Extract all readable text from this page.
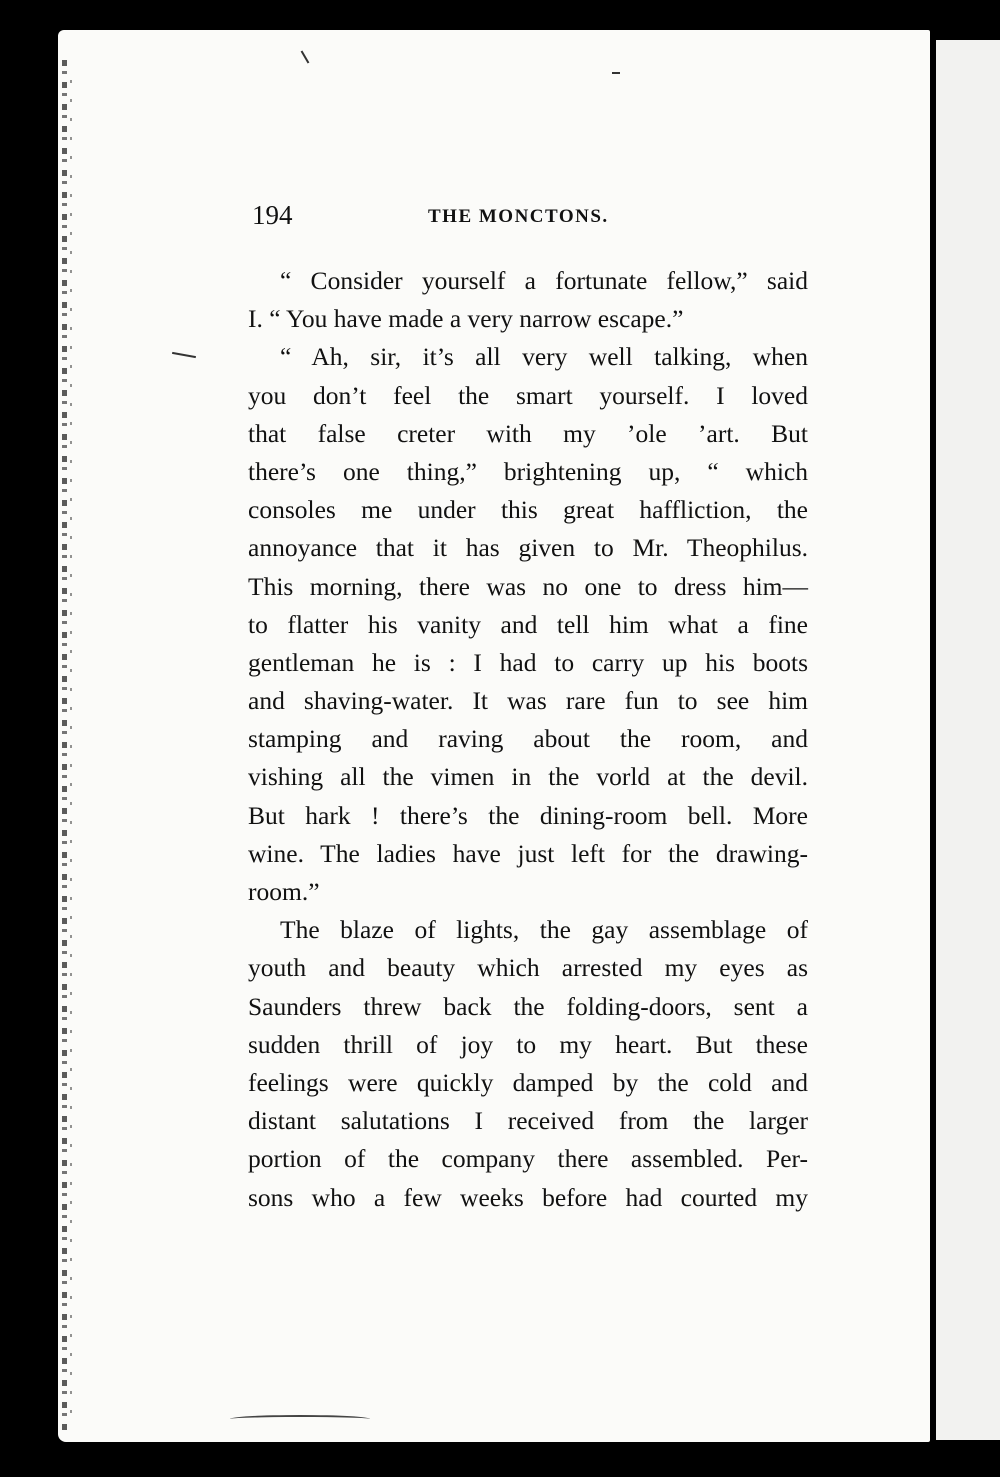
194	THE MONCTONS.
“ Consider yourself a fortunate fellow,” said
I. “ You have made a very narrow escape.”
“ Ah, sir, it’s all very well talking, when
you don’t feel the smart yourself. I loved
that false creter with my ’ole ’art. But
there’s one thing,” brightening up, “ which
consoles me under this great haffliction, the
annoyance that it has given to Mr. Theophilus.
This morning, there was no one to dress him—
to flatter his vanity and tell him what a fine
gentleman he is : I had to carry up his boots
and shaving-water. It was rare fun to see him
stamping and raving about the room, and
vishing all the vimen in the vorld at the devil.
But hark ! there’s the dining-room bell. More
wine. The ladies have just left for the drawing-
room.”
The blaze of lights, the gay assemblage of
youth and beauty which arrested my eyes as
Saunders threw back the folding-doors, sent a
sudden thrill of joy to my heart. But these
feelings were quickly damped by the cold and
distant salutations I received from the larger
portion of the company there assembled. Per-
sons who a few weeks before had courted my
